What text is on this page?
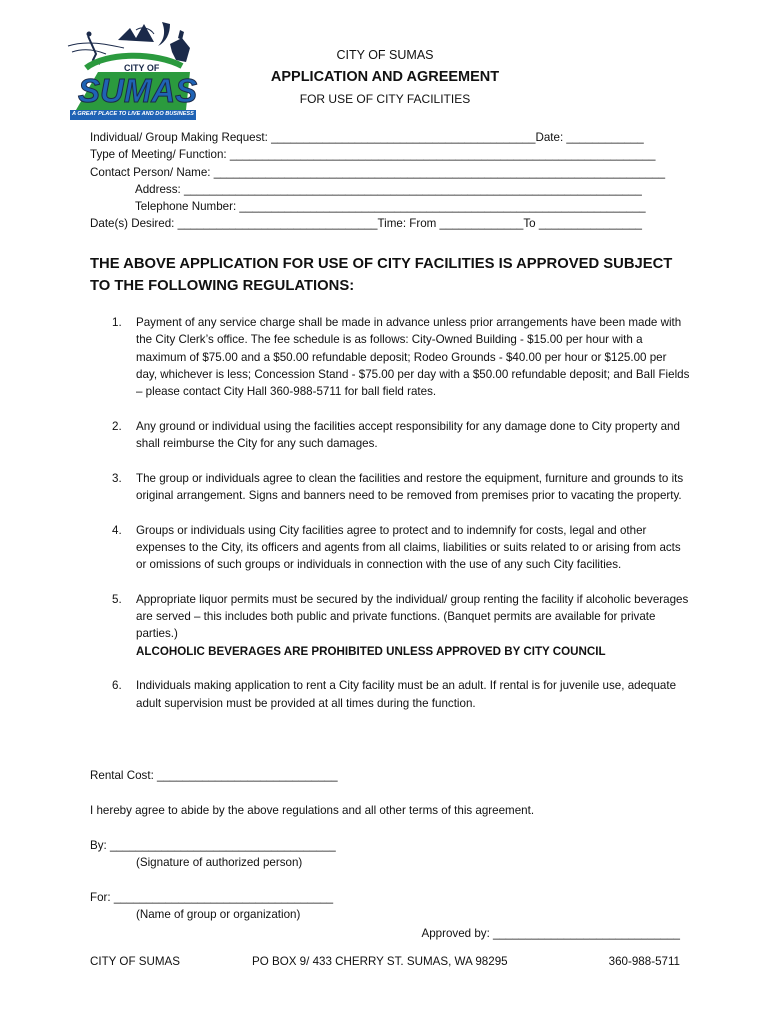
CITY OF
SUMAS
A GREAT PLACE TO LIVE AND DO BUSINESS
CITY OF SUMAS
APPLICATION AND AGREEMENT
FOR USE OF CITY FACILITIES
Individual/ Group Making Request: _________________________________________Date: ____________
Type of Meeting/ Function: __________________________________________________________________
Contact Person/ Name: ______________________________________________________________________
Address: _______________________________________________________________________
Telephone Number: _______________________________________________________________
Date(s) Desired: _______________________________Time: From _____________To ________________
THE ABOVE APPLICATION FOR USE OF CITY FACILITIES IS APPROVED SUBJECT TO THE FOLLOWING REGULATIONS:
1. Payment of any service charge shall be made in advance unless prior arrangements have been made with the City Clerk’s office. The fee schedule is as follows: City-Owned Building - $15.00 per hour with a maximum of $75.00 and a $50.00 refundable deposit; Rodeo Grounds - $40.00 per hour or $125.00 per day, whichever is less; Concession Stand - $75.00 per day with a $50.00 refundable deposit; and Ball Fields – please contact City Hall 360-988-5711 for ball field rates.
2. Any ground or individual using the facilities accept responsibility for any damage done to City property and shall reimburse the City for any such damages.
3. The group or individuals agree to clean the facilities and restore the equipment, furniture and grounds to its original arrangement. Signs and banners need to be removed from premises prior to vacating the property.
4. Groups or individuals using City facilities agree to protect and to indemnify for costs, legal and other expenses to the City, its officers and agents from all claims, liabilities or suits related to or arising from acts or omissions of such groups or individuals in connection with the use of any such City facilities.
5. Appropriate liquor permits must be secured by the individual/ group renting the facility if alcoholic beverages are served – this includes both public and private functions. (Banquet permits are available for private parties.)
ALCOHOLIC BEVERAGES ARE PROHIBITED UNLESS APPROVED BY CITY COUNCIL
6. Individuals making application to rent a City facility must be an adult. If rental is for juvenile use, adequate adult supervision must be provided at all times during the function.
Rental Cost: ____________________________
I hereby agree to abide by the above regulations and all other terms of this agreement.
By: ___________________________________
(Signature of authorized person)
For: __________________________________
(Name of group or organization)
Approved by: _____________________________
CITY OF SUMAS	PO BOX 9/ 433 CHERRY ST. SUMAS, WA 98295	360-988-5711
